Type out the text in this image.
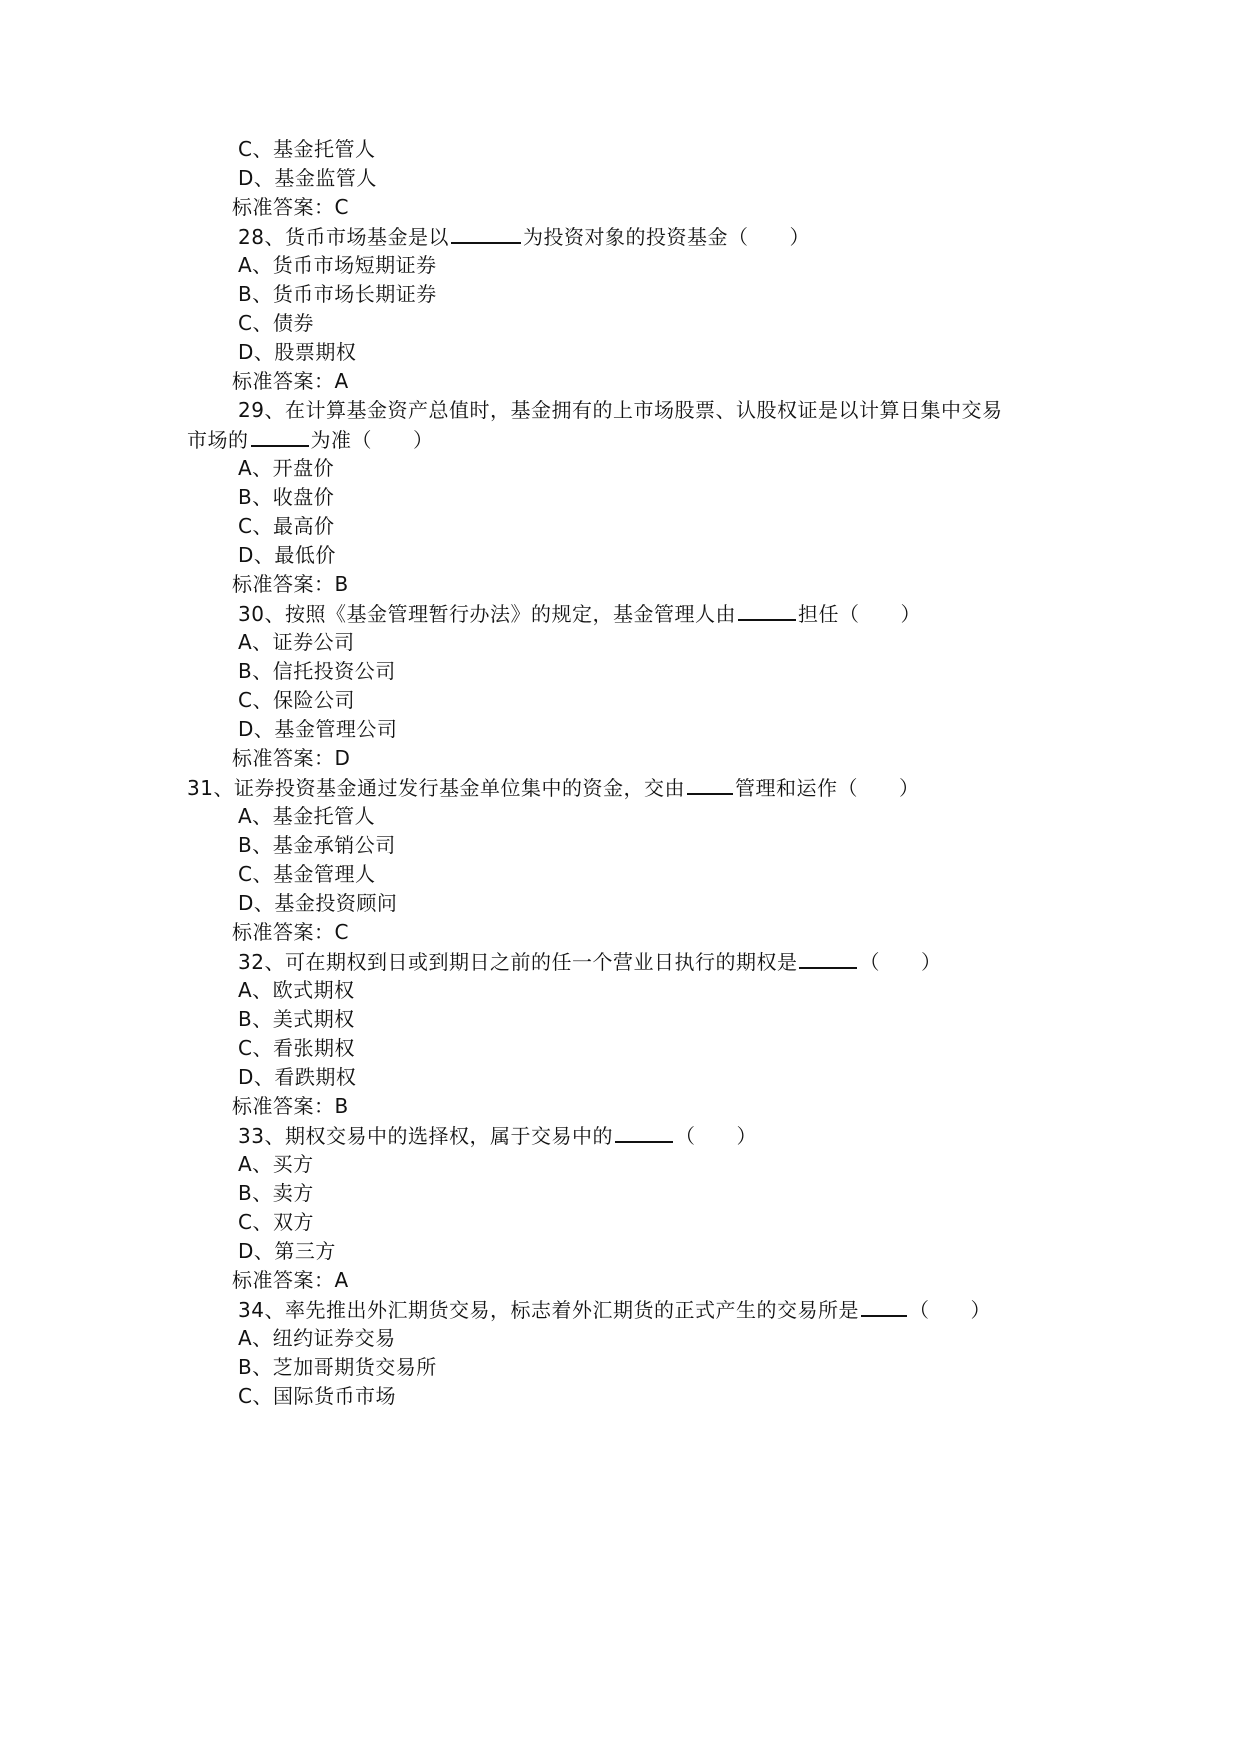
C、基金托管人
D、基金监管人
标准答案：C
28、货币市场基金是以	为投资对象的投资基金（　　）
A、货币市场短期证券
B、货币市场长期证券
C、债券
D、股票期权
标准答案：A
29、在计算基金资产总值时，基金拥有的上市场股票、认股权证是以计算日集中交易
市场的	为准（　　）
A、开盘价
B、收盘价
C、最高价
D、最低价
标准答案：B
30、按照《基金管理暂行办法》的规定，基金管理人由	担任（　　）
A、证券公司
B、信托投资公司
C、保险公司
D、基金管理公司
标准答案：D
31、证券投资基金通过发行基金单位集中的资金，交由	管理和运作（　　）
A、基金托管人
B、基金承销公司
C、基金管理人
D、基金投资顾问
标准答案：C
32、可在期权到日或到期日之前的任一个营业日执行的期权是	（　　）
A、欧式期权
B、美式期权
C、看张期权
D、看跌期权
标准答案：B
33、期权交易中的选择权，属于交易中的	（　　）
A、买方
B、卖方
C、双方
D、第三方
标准答案：A
34、率先推出外汇期货交易，标志着外汇期货的正式产生的交易所是	（　　）
A、纽约证券交易
B、芝加哥期货交易所
C、国际货币市场
